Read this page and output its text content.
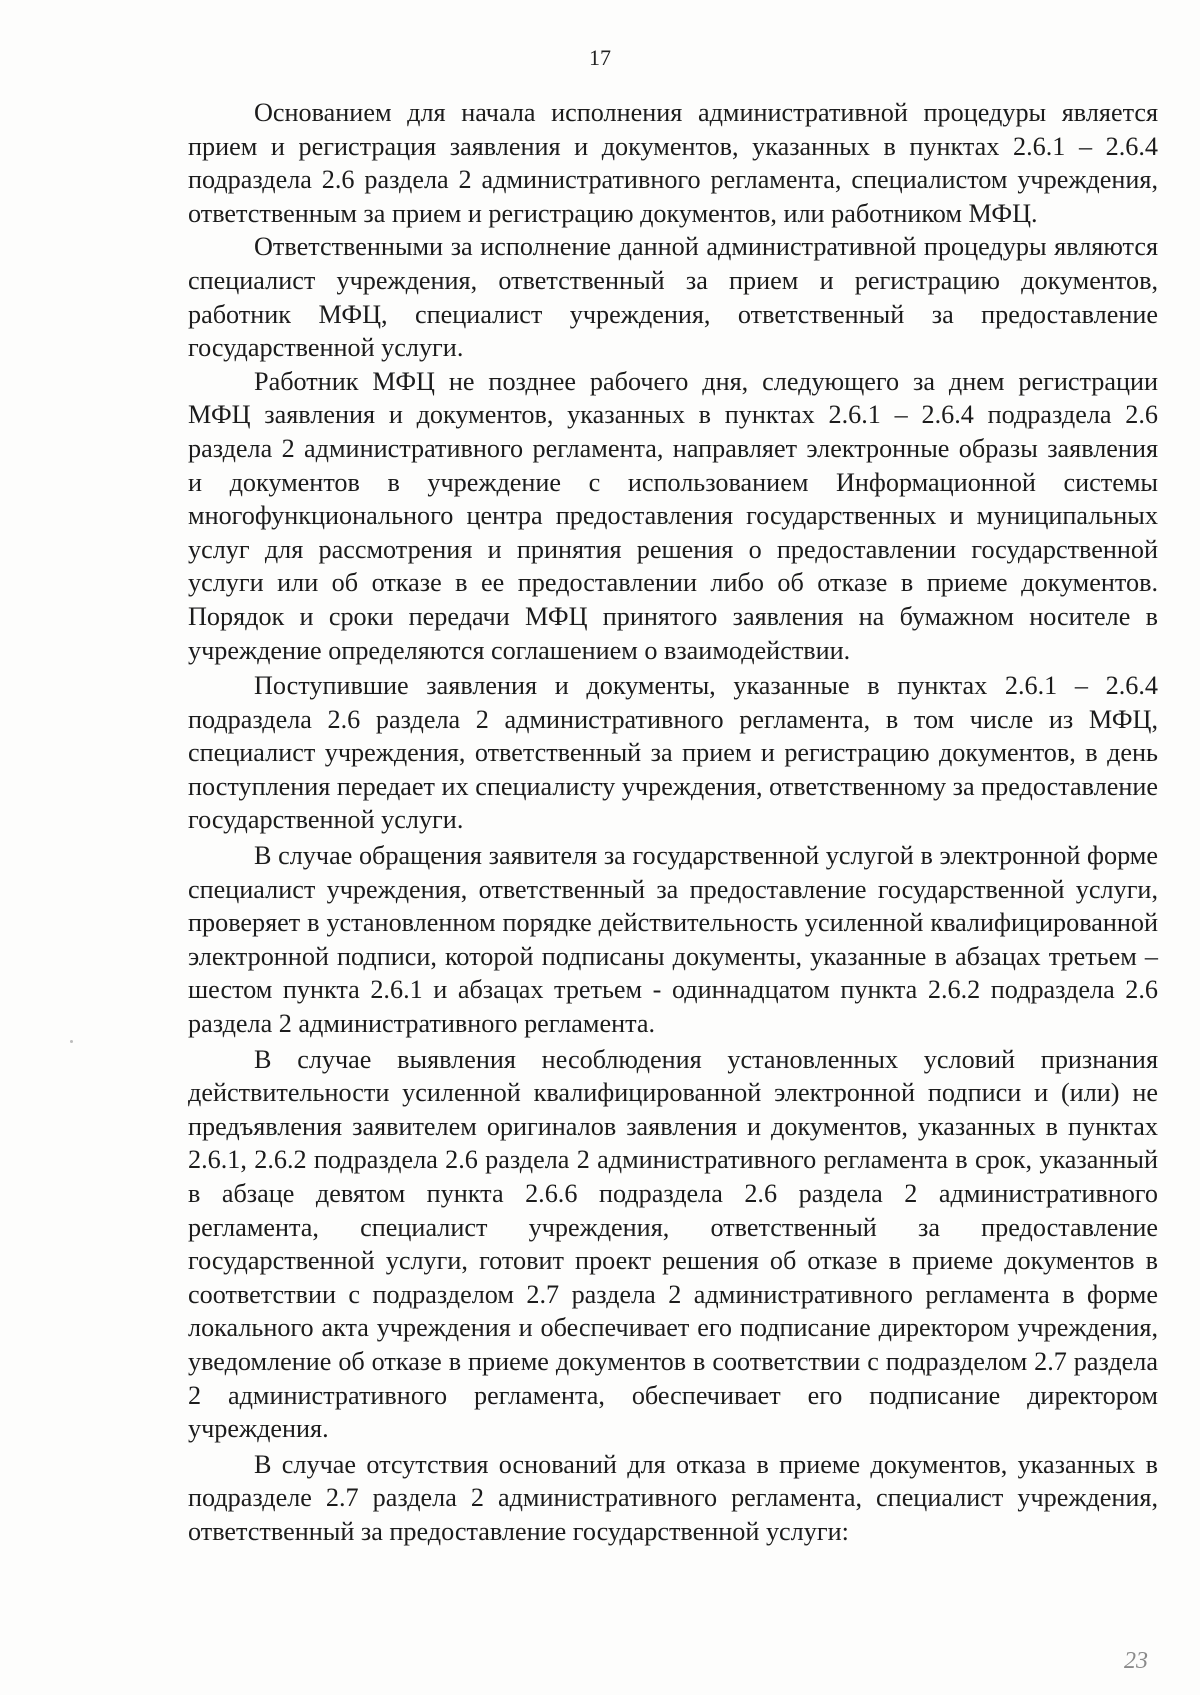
17

Основанием для начала исполнения административной процедуры является прием и регистрация заявления и документов, указанных в пунктах 2.6.1 – 2.6.4 подраздела 2.6 раздела 2 административного регламента, специалистом учреждения, ответственным за прием и регистрацию документов, или работником МФЦ.

Ответственными за исполнение данной административной процедуры являются специалист учреждения, ответственный за прием и регистрацию документов, работник МФЦ, специалист учреждения, ответственный за предоставление государственной услуги.

Работник МФЦ не позднее рабочего дня, следующего за днем регистрации МФЦ заявления и документов, указанных в пунктах 2.6.1 – 2.6.4 подраздела 2.6 раздела 2 административного регламента, направляет электронные образы заявления и документов в учреждение с использованием Информационной системы многофункционального центра предоставления государственных и муниципальных услуг для рассмотрения и принятия решения о предоставлении государственной услуги или об отказе в ее предоставлении либо об отказе в приеме документов. Порядок и сроки передачи МФЦ принятого заявления на бумажном носителе в учреждение определяются соглашением о взаимодействии.

Поступившие заявления и документы, указанные в пунктах 2.6.1 – 2.6.4 подраздела 2.6 раздела 2 административного регламента, в том числе из МФЦ, специалист учреждения, ответственный за прием и регистрацию документов, в день поступления передает их специалисту учреждения, ответственному за предоставление государственной услуги.

В случае обращения заявителя за государственной услугой в электронной форме специалист учреждения, ответственный за предоставление государственной услуги, проверяет в установленном порядке действительность усиленной квалифицированной электронной подписи, которой подписаны документы, указанные в абзацах третьем – шестом пункта 2.6.1 и абзацах третьем - одиннадцатом пункта 2.6.2 подраздела 2.6 раздела 2 административного регламента.

В случае выявления несоблюдения установленных условий признания действительности усиленной квалифицированной электронной подписи и (или) не предъявления заявителем оригиналов заявления и документов, указанных в пунктах 2.6.1, 2.6.2 подраздела 2.6 раздела 2 административного регламента в срок, указанный в абзаце девятом пункта 2.6.6 подраздела 2.6 раздела 2 административного регламента, специалист учреждения, ответственный за предоставление государственной услуги, готовит проект решения об отказе в приеме документов в соответствии с подразделом 2.7 раздела 2 административного регламента в форме локального акта учреждения и обеспечивает его подписание директором учреждения, уведомление об отказе в приеме документов в соответствии с подразделом 2.7 раздела 2 административного регламента, обеспечивает его подписание директором учреждения.

В случае отсутствия оснований для отказа в приеме документов, указанных в подразделе 2.7 раздела 2 административного регламента, специалист учреждения, ответственный за предоставление государственной услуги:

23
